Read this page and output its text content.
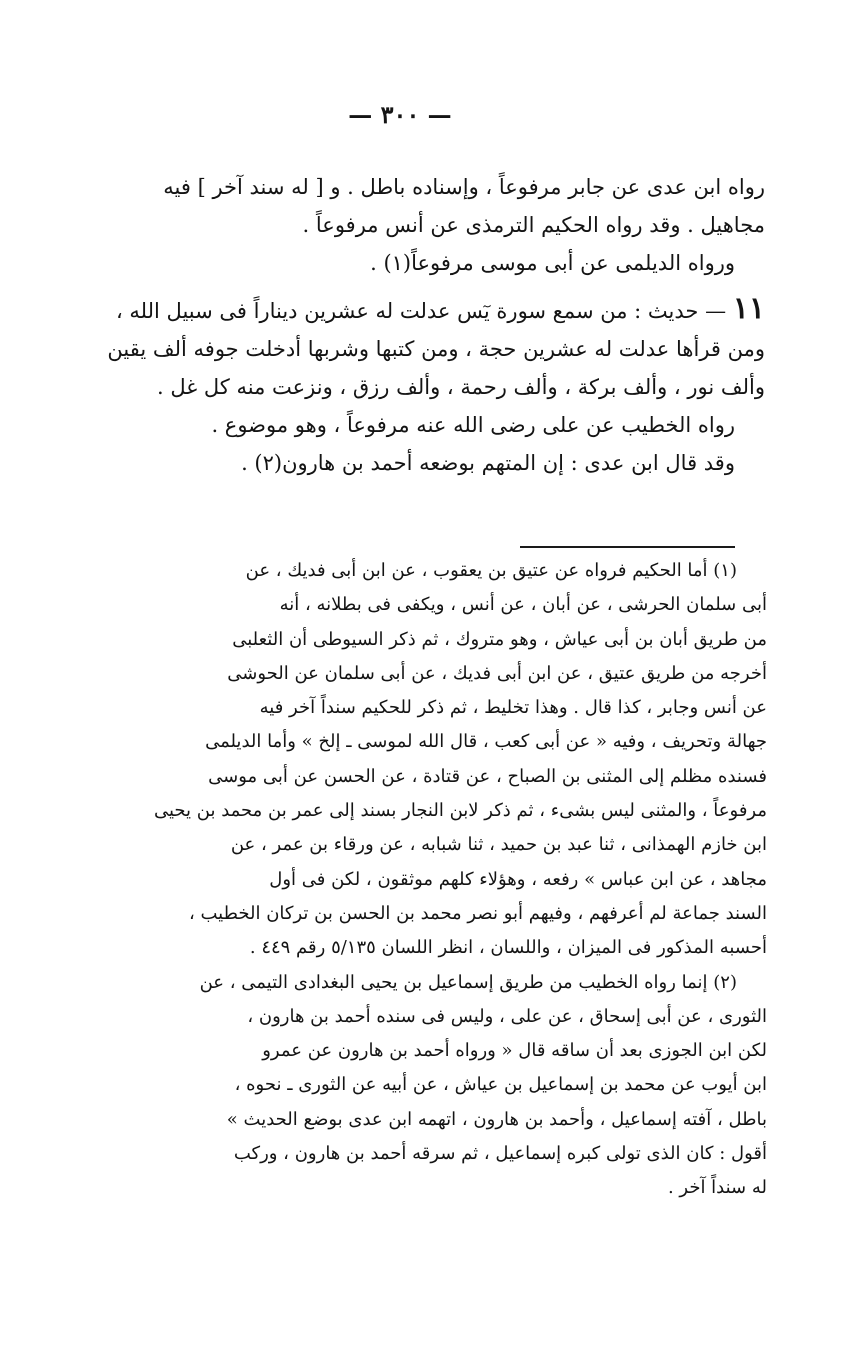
— ٣٠٠ —

رواه ابن عدى عن جابر مرفوعاً ، وإسناده باطل . و [ له سند آخر ] فيه

مجاهيل . وقد رواه الحكيم الترمذى عن أنس مرفوعاً .

ورواه الديلمى عن أبى موسى مرفوعاً(١) .

١١ — حديث : من سمع سورة يٓس عدلت له عشرين ديناراً فى سبيل الله ،

ومن قرأها عدلت له عشرين حجة ، ومن كتبها وشربها أدخلت جوفه ألف يقين

وألف نور ، وألف بركة ، وألف رحمة ، وألف رزق ، ونزعت منه كل غل .

رواه الخطيب عن على رضى الله عنه مرفوعاً ، وهو موضوع .

وقد قال ابن عدى : إن المتهم بوضعه أحمد بن هارون(٢) .

(١) أما الحكيم فرواه عن عتيق بن يعقوب ، عن ابن أبى فديك ، عن

أبى سلمان الحرشى ، عن أبان ، عن أنس ، ويكفى فى بطلانه ، أنه

من طريق أبان بن أبى عياش ، وهو متروك ، ثم ذكر السيوطى أن الثعلبى

أخرجه من طريق عتيق ، عن ابن أبى فديك ، عن أبى سلمان عن الحوشى

عن أنس وجابر ، كذا قال . وهذا تخليط ، ثم ذكر للحكيم سنداً آخر فيه

جهالة وتحريف ، وفيه « عن أبى كعب ، قال الله لموسى ـ إلخ » وأما الديلمى

فسنده مظلم إلى المثنى بن الصباح ، عن قتادة ، عن الحسن عن أبى موسى

مرفوعاً ، والمثنى ليس بشىء ، ثم ذكر لابن النجار بسند إلى عمر بن محمد بن يحيى

ابن خازم الهمذانى ، ثنا عبد بن حميد ، ثنا شبابه ، عن ورقاء بن عمر ، عن

مجاهد ، عن ابن عباس » رفعه ، وهؤلاء كلهم موثقون ، لكن فى أول

السند جماعة لم أعرفهم ، وفيهم أبو نصر محمد بن الحسن بن تركان الخطيب ،

أحسبه المذكور فى الميزان ، واللسان ، انظر اللسان ٥/١٣٥ رقم ٤٤٩ .

(٢) إنما رواه الخطيب من طريق إسماعيل بن يحيى البغدادى التيمى ، عن

الثورى ، عن أبى إسحاق ، عن على ، وليس فى سنده أحمد بن هارون ،

لكن ابن الجوزى بعد أن ساقه قال « ورواه أحمد بن هارون عن عمرو

ابن أيوب عن محمد بن إسماعيل بن عياش ، عن أبيه عن الثورى ـ نحوه ،

باطل ، آفته إسماعيل ، وأحمد بن هارون ، اتهمه ابن عدى بوضع الحديث »

أقول : كان الذى تولى كبره إسماعيل ، ثم سرقه أحمد بن هارون ، وركب

له سنداً آخر .
